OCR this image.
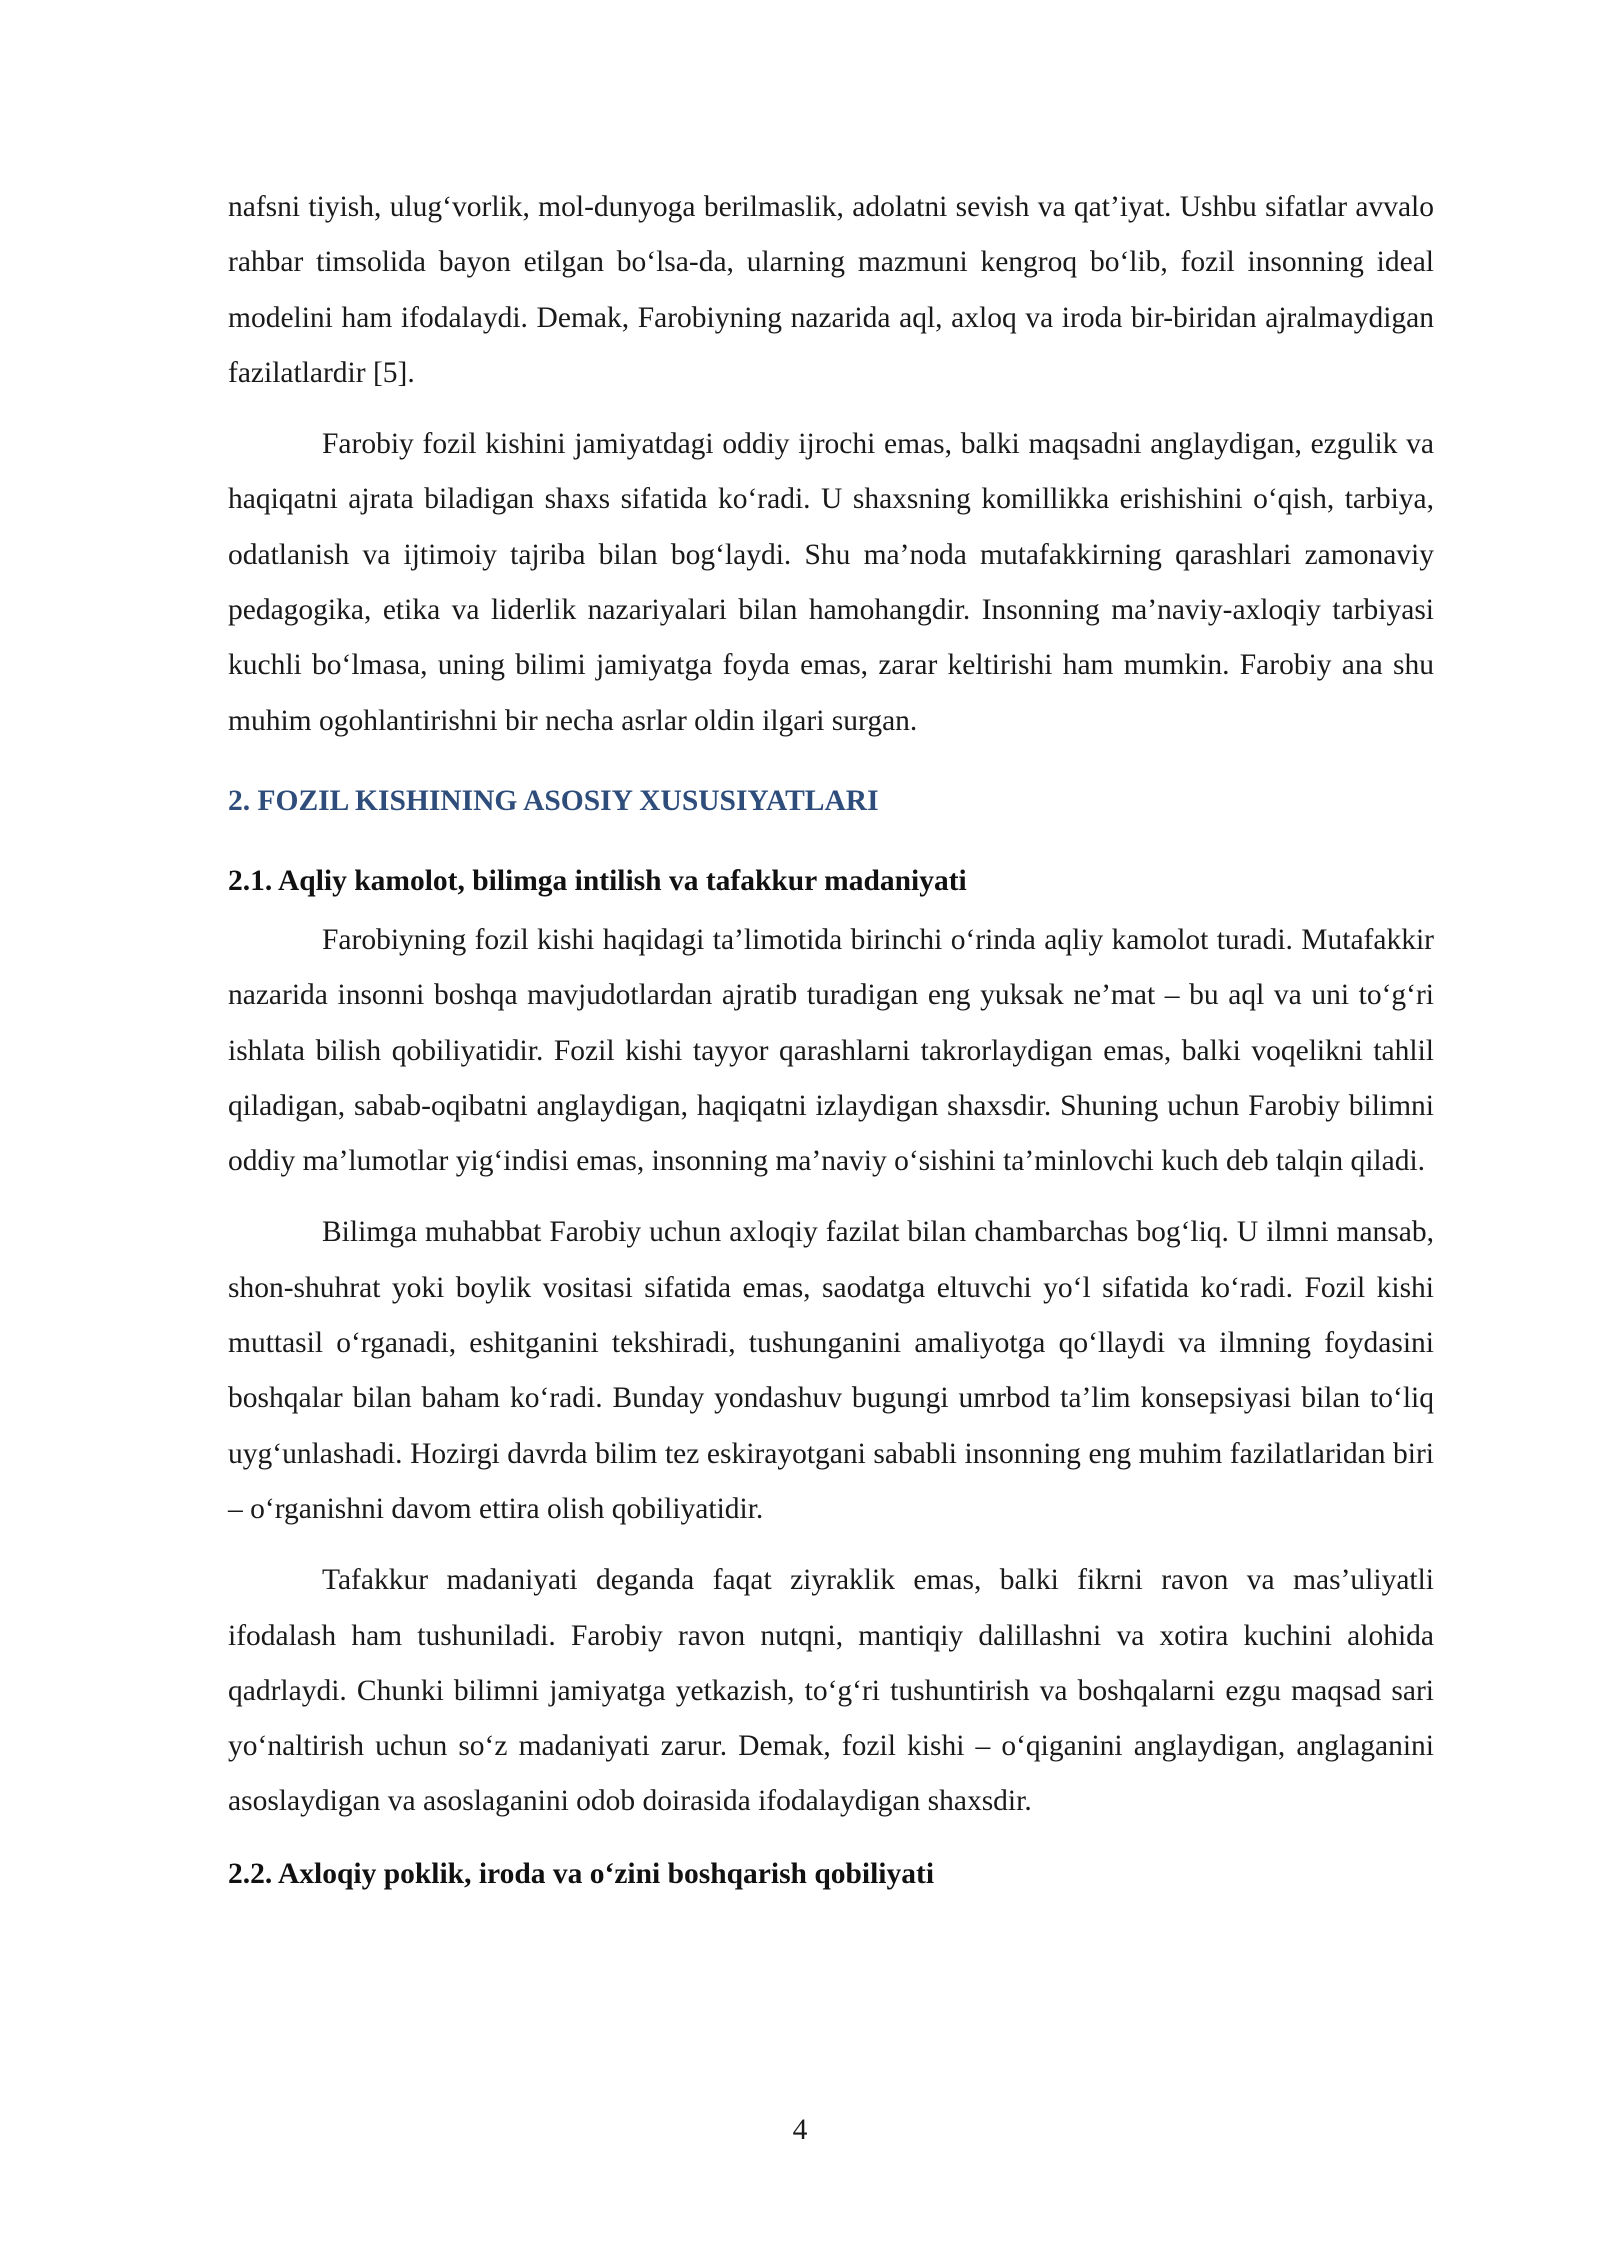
nafsni tiyish, ulug‘vorlik, mol-dunyoga berilmaslik, adolatni sevish va qat’iyat. Ushbu sifatlar avvalo rahbar timsolida bayon etilgan bo‘lsa-da, ularning mazmuni kengroq bo‘lib, fozil insonning ideal modelini ham ifodalaydi. Demak, Farobiyning nazarida aql, axloq va iroda bir-biridan ajralmaydigan fazilatlardir [5].

Farobiy fozil kishini jamiyatdagi oddiy ijrochi emas, balki maqsadni anglaydigan, ezgulik va haqiqatni ajrata biladigan shaxs sifatida ko‘radi. U shaxsning komillikka erishishini o‘qish, tarbiya, odatlanish va ijtimoiy tajriba bilan bog‘laydi. Shu ma’noda mutafakkirning qarashlari zamonaviy pedagogika, etika va liderlik nazariyalari bilan hamohangdir. Insonning ma’naviy-axloqiy tarbiyasi kuchli bo‘lmasa, uning bilimi jamiyatga foyda emas, zarar keltirishi ham mumkin. Farobiy ana shu muhim ogohlantirishni bir necha asrlar oldin ilgari surgan.

2. FOZIL KISHINING ASOSIY XUSUSIYATLARI
2.1. Aqliy kamolot, bilimga intilish va tafakkur madaniyati

Farobiyning fozil kishi haqidagi ta’limotida birinchi o‘rinda aqliy kamolot turadi. Mutafakkir nazarida insonni boshqa mavjudotlardan ajratib turadigan eng yuksak ne’mat – bu aql va uni to‘g‘ri ishlata bilish qobiliyatidir. Fozil kishi tayyor qarashlarni takrorlaydigan emas, balki voqelikni tahlil qiladigan, sabab-oqibatni anglaydigan, haqiqatni izlaydigan shaxsdir. Shuning uchun Farobiy bilimni oddiy ma’lumotlar yig‘indisi emas, insonning ma’naviy o‘sishini ta’minlovchi kuch deb talqin qiladi.

Bilimga muhabbat Farobiy uchun axloqiy fazilat bilan chambarchas bog‘liq. U ilmni mansab, shon-shuhrat yoki boylik vositasi sifatida emas, saodatga eltuvchi yo‘l sifatida ko‘radi. Fozil kishi muttasil o‘rganadi, eshitganini tekshiradi, tushunganini amaliyotga qo‘llaydi va ilmning foydasini boshqalar bilan baham ko‘radi. Bunday yondashuv bugungi umrbod ta’lim konsepsiyasi bilan to‘liq uyg‘unlashadi. Hozirgi davrda bilim tez eskirayotgani sababli insonning eng muhim fazilatlaridan biri – o‘rganishni davom ettira olish qobiliyatidir.

Tafakkur madaniyati deganda faqat ziyraklik emas, balki fikrni ravon va mas’uliyatli ifodalash ham tushuniladi. Farobiy ravon nutqni, mantiqiy dalillashni va xotira kuchini alohida qadrlaydi. Chunki bilimni jamiyatga yetkazish, to‘g‘ri tushuntirish va boshqalarni ezgu maqsad sari yo‘naltirish uchun so‘z madaniyati zarur. Demak, fozil kishi – o‘qiganini anglaydigan, anglaganini asoslaydigan va asoslaganini odob doirasida ifodalaydigan shaxsdir.

2.2. Axloqiy poklik, iroda va o‘zini boshqarish qobiliyati
4
